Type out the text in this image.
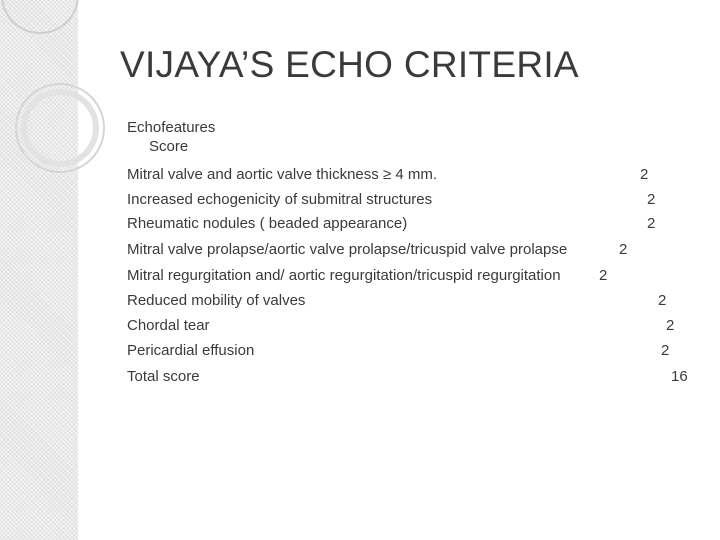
VIJAYA’S ECHO CRITERIA
Echofeatures
Score
Mitral valve and aortic valve thickness ≥ 4 mm.	2
Increased echogenicity of submitral structures	2
Rheumatic nodules ( beaded appearance)	2
Mitral valve prolapse/aortic valve prolapse/tricuspid valve prolapse	2
Mitral regurgitation and/ aortic regurgitation/tricuspid regurgitation	2
Reduced mobility of valves	2
Chordal tear	2
Pericardial effusion	2
Total score	16
